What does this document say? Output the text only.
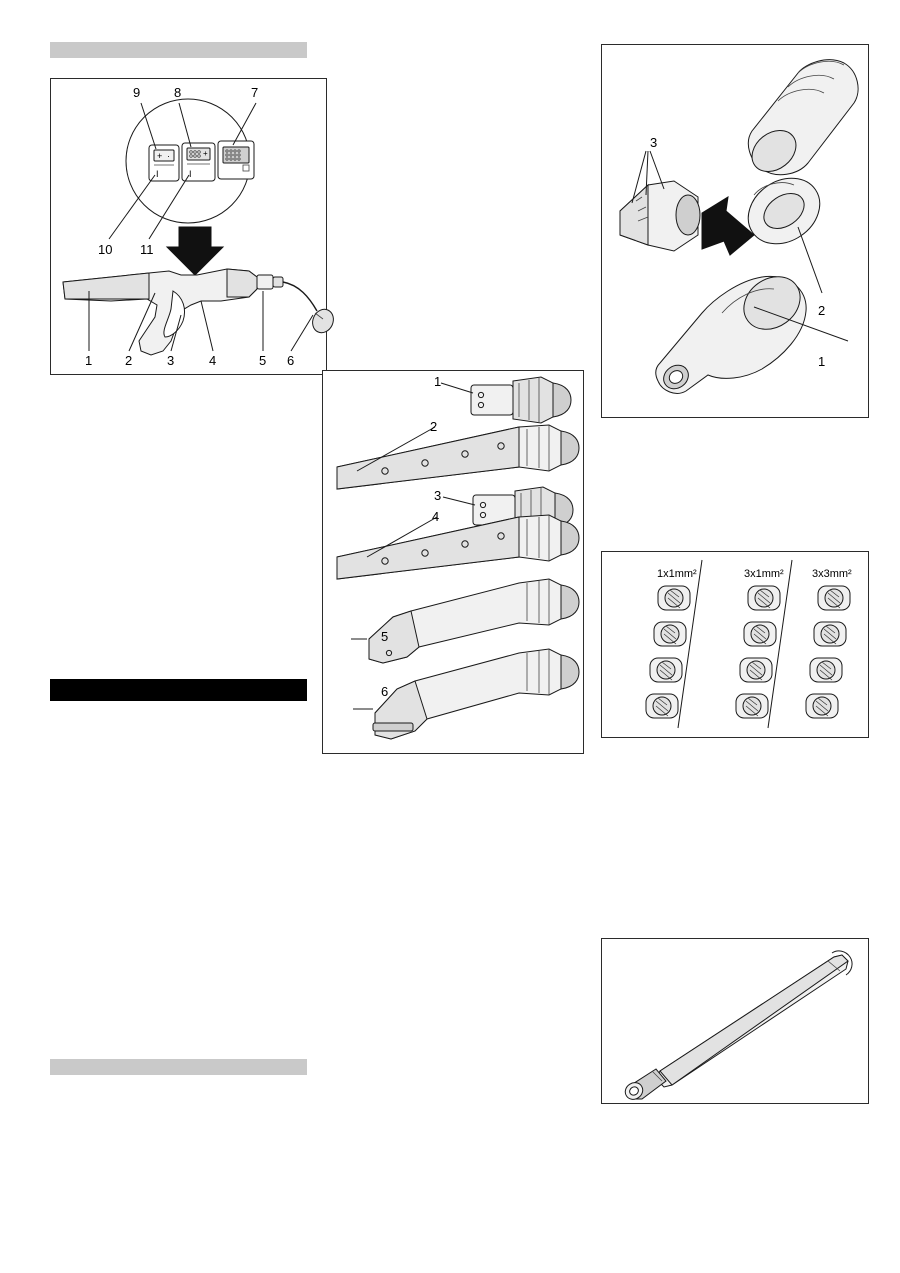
+ ·
I
+
I
9	8	7
10 11
1	2	3	4	5 6
1
2
3
4
5
6
3
2
1
1x1mm²	3x1mm²	3x3mm²
